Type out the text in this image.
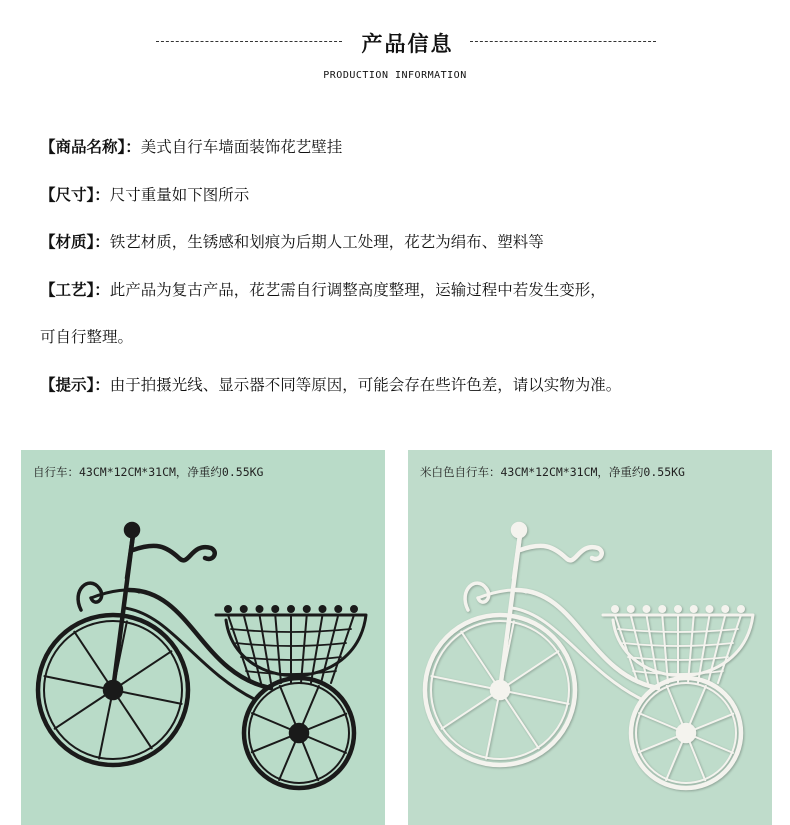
产品信息
PRODUCTION INFORMATION
【商品名称】：美式自行车墙面装饰花艺壁挂
【尺寸】：尺寸重量如下图所示
【材质】：铁艺材质，生锈感和划痕为后期人工处理，花艺为绢布、塑料等
【工艺】：此产品为复古产品，花艺需自行调整高度整理，运输过程中若发生变形，
可自行整理。
【提示】：由于拍摄光线、显示器不同等原因，可能会存在些许色差，请以实物为准。
自行车：43CM*12CM*31CM，净重约0.55KG	米白色自行车：43CM*12CM*31CM，净重约0.55KG
